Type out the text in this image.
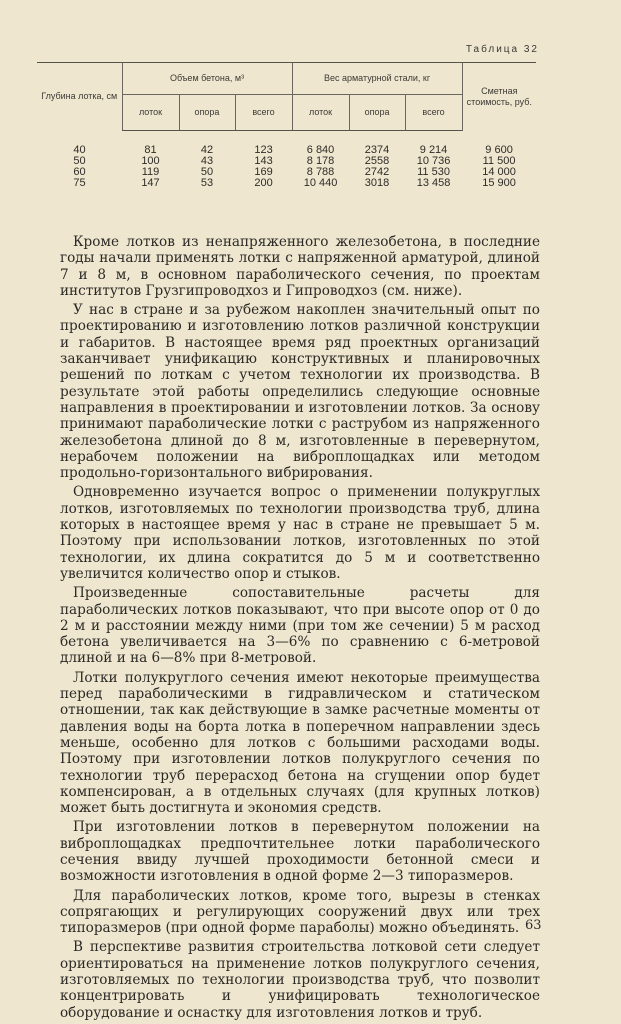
Таблица 32
Глубина лотка, см	Объем бетона, м³			Вес арматурной стали, кг			Сметная стоимость, руб.
	лоток	опора	всего	лоток	опора	всего	
40	81	42	123	6 840	2374	9 214	9 600
50	100	43	143	8 178	2558	10 736	11 500
60	119	50	169	8 788	2742	11 530	14 000
75	147	53	200	10 440	3018	13 458	15 900

Кроме лотков из ненапряженного железобетона, в последние годы начали применять лотки с напряженной арматурой, длиной 7 и 8 м, в основном параболического сечения, по проектам институтов Грузгипроводхоз и Гипроводхоз (см. ниже).

У нас в стране и за рубежом накоплен значительный опыт по проектированию и изготовлению лотков различной конструкции и габаритов. В настоящее время ряд проектных организаций заканчивает унификацию конструктивных и планировочных решений по лоткам с учетом технологии их производства. В результате этой работы определились следующие основные направления в проектировании и изготовлении лотков. За основу принимают параболические лотки с раструбом из напряженного железобетона длиной до 8 м, изготовленные в перевернутом, нерабочем положении на виброплощадках или методом продольно-горизонтального вибрирования.

Одновременно изучается вопрос о применении полукруглых лотков, изготовляемых по технологии производства труб, длина которых в настоящее время у нас в стране не превышает 5 м. Поэтому при использовании лотков, изготовленных по этой технологии, их длина сократится до 5 м и соответственно увеличится количество опор и стыков.

Произведенные сопоставительные расчеты для параболических лотков показывают, что при высоте опор от 0 до 2 м и расстоянии между ними (при том же сечении) 5 м расход бетона увеличивается на 3—6% по сравнению с 6-метровой длиной и на 6—8% при 8-метровой.

Лотки полукруглого сечения имеют некоторые преимущества перед параболическими в гидравлическом и статическом отношении, так как действующие в замке расчетные моменты от давления воды на борта лотка в поперечном направлении здесь меньше, особенно для лотков с большими расходами воды. Поэтому при изготовлении лотков полукруглого сечения по технологии труб перерасход бетона на сгущении опор будет компенсирован, а в отдельных случаях (для крупных лотков) может быть достигнута и экономия средств.

При изготовлении лотков в перевернутом положении на виброплощадках предпочтительнее лотки параболического сечения ввиду лучшей проходимости бетонной смеси и возможности изготовления в одной форме 2—3 типоразмеров.

Для параболических лотков, кроме того, вырезы в стенках сопрягающих и регулирующих сооружений двух или трех типоразмеров (при одной форме параболы) можно объединять.

В перспективе развития строительства лотковой сети следует ориентироваться на применение лотков полукруглого сечения, изготовляемых по технологии производства труб, что позволит концентрировать и унифицировать технологическое оборудование и оснастку для изготовления лотков и труб.

63
